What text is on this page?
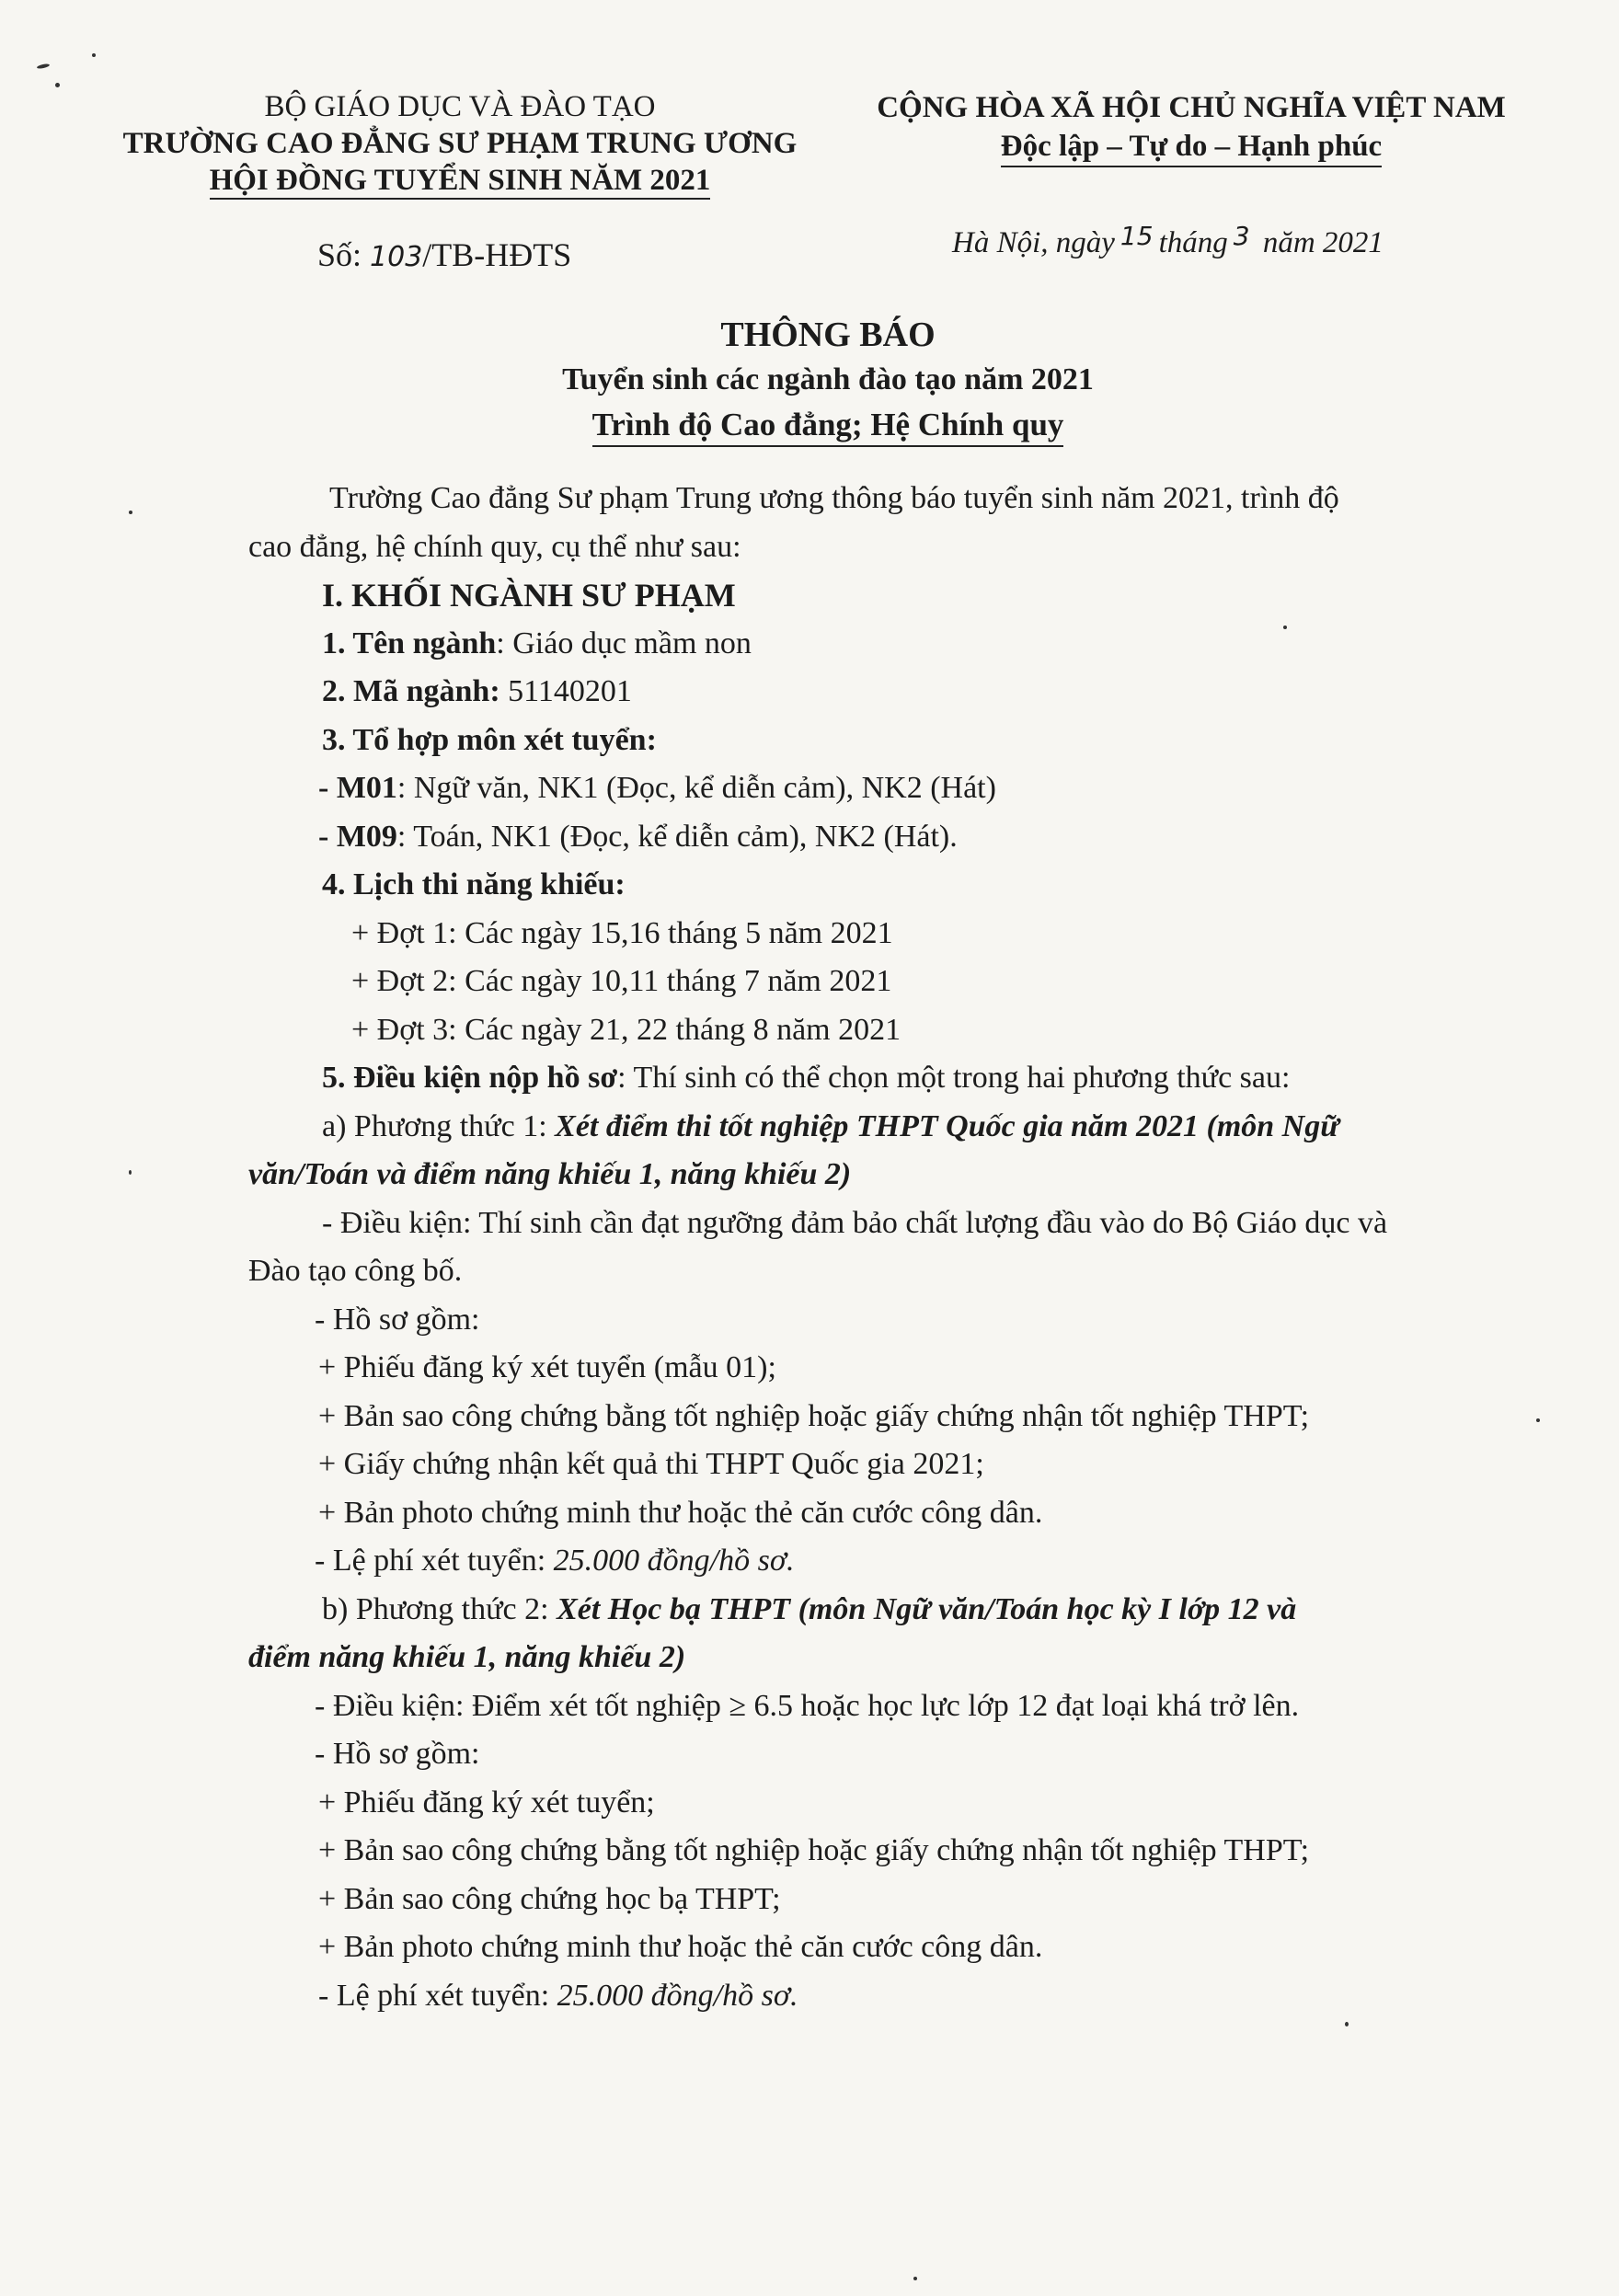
BỘ GIÁO DỤC VÀ ĐÀO TẠO
TRƯỜNG CAO ĐẲNG SƯ PHẠM TRUNG ƯƠNG
HỘI ĐỒNG TUYỂN SINH NĂM 2021
CỘNG HÒA XÃ HỘI CHỦ NGHĨA VIỆT NAM
Độc lập – Tự do – Hạnh phúc
Số: 103/TB-HĐTS	Hà Nội, ngày $^{15}$ tháng $^3$ năm 2021
THÔNG BÁO
Tuyển sinh các ngành đào tạo năm 2021
Trình độ Cao đẳng; Hệ Chính quy

Trường Cao đẳng Sư phạm Trung ương thông báo tuyển sinh năm 2021, trình độ

cao đẳng, hệ chính quy, cụ thể như sau:

I. KHỐI NGÀNH SƯ PHẠM

1. Tên ngành: Giáo dục mầm non

2. Mã ngành: 51140201

3. Tổ hợp môn xét tuyển:

- M01: Ngữ văn, NK1 (Đọc, kể diễn cảm), NK2 (Hát)

- M09: Toán, NK1 (Đọc, kể diễn cảm), NK2 (Hát).

4. Lịch thi năng khiếu:

+ Đợt 1: Các ngày 15,16 tháng 5 năm 2021

+ Đợt 2: Các ngày 10,11 tháng 7 năm 2021

+ Đợt 3: Các ngày 21, 22 tháng 8 năm 2021

5. Điều kiện nộp hồ sơ: Thí sinh có thể chọn một trong hai phương thức sau:

a) Phương thức 1: Xét điểm thi tốt nghiệp THPT Quốc gia năm 2021 (môn Ngữ

văn/Toán và điểm năng khiếu 1, năng khiếu 2)

- Điều kiện: Thí sinh cần đạt ngưỡng đảm bảo chất lượng đầu vào do Bộ Giáo dục và

Đào tạo công bố.

- Hồ sơ gồm:

+ Phiếu đăng ký xét tuyển (mẫu 01);

+ Bản sao công chứng bằng tốt nghiệp hoặc giấy chứng nhận tốt nghiệp THPT;

+ Giấy chứng nhận kết quả thi THPT Quốc gia 2021;

+ Bản photo chứng minh thư hoặc thẻ căn cước công dân.

- Lệ phí xét tuyển: 25.000 đồng/hồ sơ.

b) Phương thức 2: Xét Học bạ THPT (môn Ngữ văn/Toán học kỳ I lớp 12 và

điểm năng khiếu 1, năng khiếu 2)

- Điều kiện: Điểm xét tốt nghiệp ≥ 6.5 hoặc học lực lớp 12 đạt loại khá trở lên.

- Hồ sơ gồm:

+ Phiếu đăng ký xét tuyển;

+ Bản sao công chứng bằng tốt nghiệp hoặc giấy chứng nhận tốt nghiệp THPT;

+ Bản sao công chứng học bạ THPT;

+ Bản photo chứng minh thư hoặc thẻ căn cước công dân.

- Lệ phí xét tuyển: 25.000 đồng/hồ sơ.
